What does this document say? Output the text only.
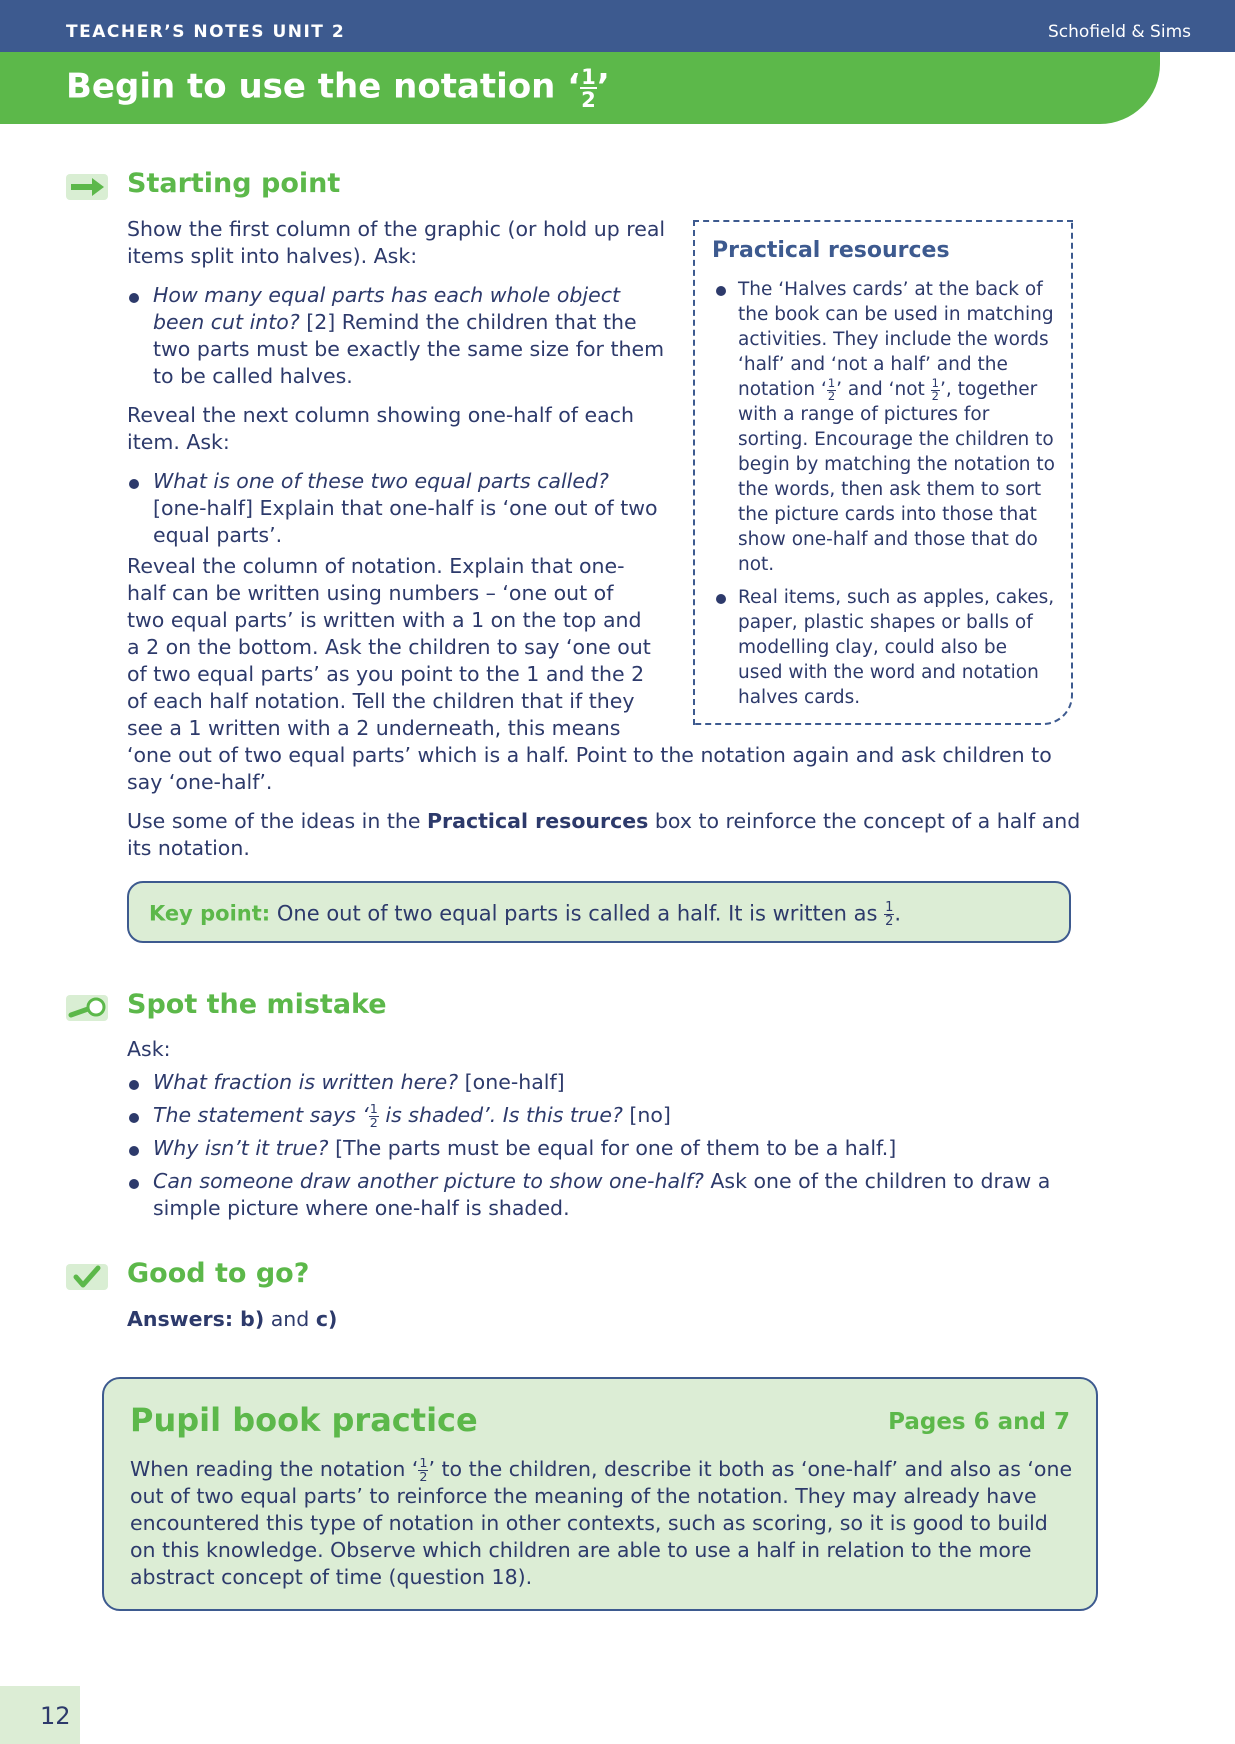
TEACHER’S NOTES UNIT 2	Schofield & Sims
Begin to use the notation ‘ $\frac{1}{2}$ ’
Starting point

Show the first column of the graphic (or hold up real items split into halves). Ask:

How many equal parts has each whole object been cut into? [2] Remind the children that the two parts must be exactly the same size for them to be called halves.

Reveal the next column showing one-half of each item. Ask:

What is one of these two equal parts called? [one-half] Explain that one-half is ‘one out of two equal parts’.
Reveal the column of notation. Explain that one-
half can be written using numbers – ‘one out of
two equal parts’ is written with a 1 on the top and
a 2 on the bottom. Ask the children to say ‘one out
of two equal parts’ as you point to the 1 and the 2
of each half notation. Tell the children that if they
see a 1 written with a 2 underneath, this means
‘one out of two equal parts’ which is a half. Point to the notation again and ask children to say ‘one-half’.

Use some of the ideas in the Practical resources box to reinforce the concept of a half and its notation.

Practical resources
The ‘Halves cards’ at the back of the book can be used in matching activities. They include the words ‘half’ and ‘not a half’ and the notation ‘ $\frac{1}{2}$ ’ and ‘not $\frac{1}{2}$ ’, together with a range of pictures for sorting. Encourage the children to begin by matching the notation to the words, then ask them to sort the picture cards into those that show one-half and those that do not.
Real items, such as apples, cakes, paper, plastic shapes or balls of modelling clay, could also be used with the word and notation halves cards.
Key point: One out of two equal parts is called a half. It is written as $\frac{1}{2}$ .
Spot the mistake

Ask:

What fraction is written here? [one-half]
The statement says ‘ $\frac{1}{2}$ is shaded’. Is this true? [no]
Why isn’t it true? [The parts must be equal for one of them to be a half.]
Can someone draw another picture to show one-half? Ask one of the children to draw a simple picture where one-half is shaded.
Good to go?
Answers: b) and c)
Pupil book practice	Pages 6 and 7
When reading the notation ‘ $\frac{1}{2}$ ’ to the children, describe it both as ‘one-half’ and also as ‘one out of two equal parts’ to reinforce the meaning of the notation. They may already have encountered this type of notation in other contexts, such as scoring, so it is good to build on this knowledge. Observe which children are able to use a half in relation to the more abstract concept of time (question 18).
12
